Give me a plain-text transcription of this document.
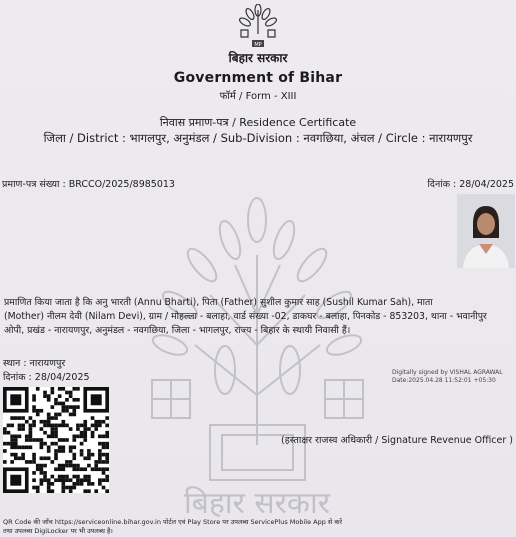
बिहार सरकार
MP
बिहार सरकार
Government of Bihar
फॉर्म / Form - XIII
निवास प्रमाण-पत्र / Residence Certificate
जिला / District : भागलपुर, अनुमंडल / Sub-Division : नवगछिया, अंचल / Circle : नारायणपुर
प्रमाण-पत्र संख्या : BRCCO/2025/8985013	दिनांक : 28/04/2025
प्रमाणित किया जाता है कि अनु भारती (Annu Bharti), पिता (Father) सुशील कुमार साह (Sushil Kumar Sah), माता
(Mother) नीलम देवी (Nilam Devi), ग्राम / मोहल्ला - बलाहा, वार्ड संख्या -02, डाकघर - बलाहा, पिनकोड - 853203, थाना - भवानीपुर
ओपी, प्रखंड - नारायणपुर, अनुमंडल - नवगछिया, जिला - भागलपुर, राज्य - बिहार के स्थायी निवासी हैं।
स्थान : नारायणपुर
दिनांक : 28/04/2025	Digitally signed by VISHAL AGRAWAL
Date:2025.04.28 11:52:01 +05:30
(हस्ताक्षर राजस्व अधिकारी / Signature Revenue Officer )
QR Code की जाँच https://serviceonline.bihar.gov.in पोर्टल एवं Play Store पर उपलब्ध ServicePlus Mobile App से करें
तथा उपलब्ध DigiLocker पर भी उपलब्ध है।
